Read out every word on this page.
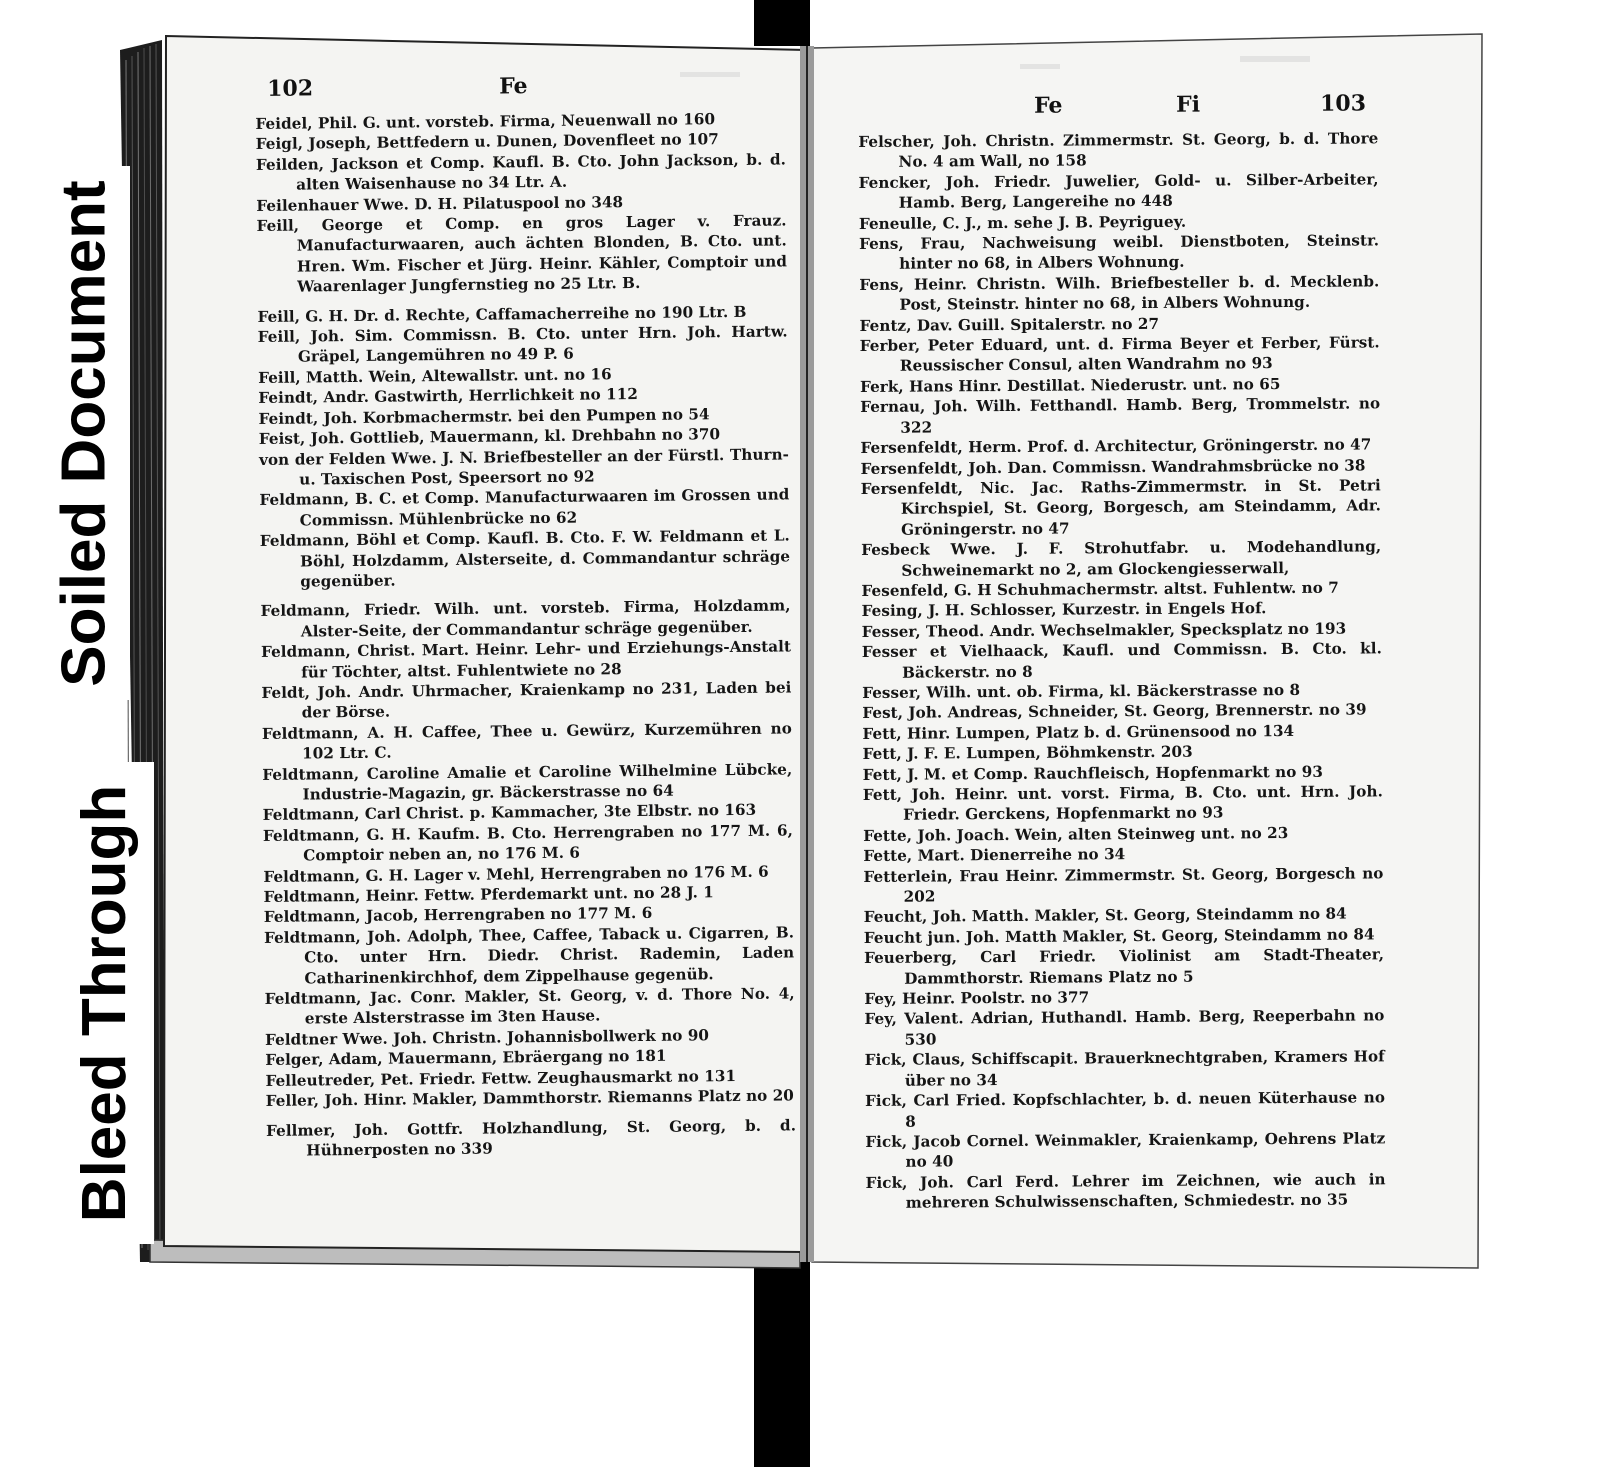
Soiled Document
Bleed Through
102	Fe
Feidel, Phil. G. unt. vorsteb. Firma, Neuenwall no 160
Feigl, Joseph, Bettfedern u. Dunen, Dovenfleet no 107
Feilden, Jackson et Comp. Kaufl. B. Cto. John Jackson, b. d. alten Waisenhause no 34 Ltr. A.
Feilenhauer Wwe. D. H. Pilatuspool no 348
Feill, George et Comp. en gros Lager v. Frauz. Manufacturwaaren, auch ächten Blonden, B. Cto. unt. Hren. Wm. Fischer et Jürg. Heinr. Kähler, Comptoir und Waarenlager Jungfernstieg no 25 Ltr. B.
Feill, G. H. Dr. d. Rechte, Caffamacherreihe no 190 Ltr. B
Feill, Joh. Sim. Commissn. B. Cto. unter Hrn. Joh. Hartw. Gräpel, Langemühren no 49 P. 6
Feill, Matth. Wein, Altewallstr. unt. no 16
Feindt, Andr. Gastwirth, Herrlichkeit no 112
Feindt, Joh. Korbmachermstr. bei den Pumpen no 54
Feist, Joh. Gottlieb, Mauermann, kl. Drehbahn no 370
von der Felden Wwe. J. N. Briefbesteller an der Fürstl. Thurn- u. Taxischen Post, Speersort no 92
Feldmann, B. C. et Comp. Manufacturwaaren im Grossen und Commissn. Mühlenbrücke no 62
Feldmann, Böhl et Comp. Kaufl. B. Cto. F. W. Feldmann et L. Böhl, Holzdamm, Alsterseite, d. Commandantur schräge gegenüber.
Feldmann, Friedr. Wilh. unt. vorsteb. Firma, Holzdamm, Alster-Seite, der Commandantur schräge gegenüber.
Feldmann, Christ. Mart. Heinr. Lehr- und Erziehungs-Anstalt für Töchter, altst. Fuhlentwiete no 28
Feldt, Joh. Andr. Uhrmacher, Kraienkamp no 231, Laden bei der Börse.
Feldtmann, A. H. Caffee, Thee u. Gewürz, Kurzemühren no 102 Ltr. C.
Feldtmann, Caroline Amalie et Caroline Wilhelmine Lübcke, Industrie-Magazin, gr. Bäckerstrasse no 64
Feldtmann, Carl Christ. p. Kammacher, 3te Elbstr. no 163
Feldtmann, G. H. Kaufm. B. Cto. Herrengraben no 177 M. 6, Comptoir neben an, no 176 M. 6
Feldtmann, G. H. Lager v. Mehl, Herrengraben no 176 M. 6
Feldtmann, Heinr. Fettw. Pferdemarkt unt. no 28 J. 1
Feldtmann, Jacob, Herrengraben no 177 M. 6
Feldtmann, Joh. Adolph, Thee, Caffee, Taback u. Cigarren, B. Cto. unter Hrn. Diedr. Christ. Rademin, Laden Catharinenkirchhof, dem Zippelhause gegenüb.
Feldtmann, Jac. Conr. Makler, St. Georg, v. d. Thore No. 4, erste Alsterstrasse im 3ten Hause.
Feldtner Wwe. Joh. Christn. Johannisbollwerk no 90
Felger, Adam, Mauermann, Ebräergang no 181
Felleutreder, Pet. Friedr. Fettw. Zeughausmarkt no 131
Feller, Joh. Hinr. Makler, Dammthorstr. Riemanns Platz no 20
Fellmer, Joh. Gottfr. Holzhandlung, St. Georg, b. d. Hühnerposten no 339
Fe	Fi	103
Felscher, Joh. Christn. Zimmermstr. St. Georg, b. d. Thore No. 4 am Wall, no 158
Fencker, Joh. Friedr. Juwelier, Gold- u. Silber-Arbeiter, Hamb. Berg, Langereihe no 448
Feneulle, C. J., m. sehe J. B. Peyriguey.
Fens, Frau, Nachweisung weibl. Dienstboten, Steinstr. hinter no 68, in Albers Wohnung.
Fens, Heinr. Christn. Wilh. Briefbesteller b. d. Mecklenb. Post, Steinstr. hinter no 68, in Albers Wohnung.
Fentz, Dav. Guill. Spitalerstr. no 27
Ferber, Peter Eduard, unt. d. Firma Beyer et Ferber, Fürst. Reussischer Consul, alten Wandrahm no 93
Ferk, Hans Hinr. Destillat. Niederustr. unt. no 65
Fernau, Joh. Wilh. Fetthandl. Hamb. Berg, Trommelstr. no 322
Fersenfeldt, Herm. Prof. d. Architectur, Gröningerstr. no 47
Fersenfeldt, Joh. Dan. Commissn. Wandrahmsbrücke no 38
Fersenfeldt, Nic. Jac. Raths-Zimmermstr. in St. Petri Kirchspiel, St. Georg, Borgesch, am Steindamm, Adr. Gröningerstr. no 47
Fesbeck Wwe. J. F. Strohutfabr. u. Modehandlung, Schweinemarkt no 2, am Glockengiesserwall,
Fesenfeld, G. H Schuhmachermstr. altst. Fuhlentw. no 7
Fesing, J. H. Schlosser, Kurzestr. in Engels Hof.
Fesser, Theod. Andr. Wechselmakler, Specksplatz no 193
Fesser et Vielhaack, Kaufl. und Commissn. B. Cto. kl. Bäckerstr. no 8
Fesser, Wilh. unt. ob. Firma, kl. Bäckerstrasse no 8
Fest, Joh. Andreas, Schneider, St. Georg, Brennerstr. no 39
Fett, Hinr. Lumpen, Platz b. d. Grünensood no 134
Fett, J. F. E. Lumpen, Böhmkenstr. 203
Fett, J. M. et Comp. Rauchfleisch, Hopfenmarkt no 93
Fett, Joh. Heinr. unt. vorst. Firma, B. Cto. unt. Hrn. Joh. Friedr. Gerckens, Hopfenmarkt no 93
Fette, Joh. Joach. Wein, alten Steinweg unt. no 23
Fette, Mart. Dienerreihe no 34
Fetterlein, Frau Heinr. Zimmermstr. St. Georg, Borgesch no 202
Feucht, Joh. Matth. Makler, St. Georg, Steindamm no 84
Feucht jun. Joh. Matth Makler, St. Georg, Steindamm no 84
Feuerberg, Carl Friedr. Violinist am Stadt-Theater, Dammthorstr. Riemans Platz no 5
Fey, Heinr. Poolstr. no 377
Fey, Valent. Adrian, Huthandl. Hamb. Berg, Reeperbahn no 530
Fick, Claus, Schiffscapit. Brauerknechtgraben, Kramers Hof über no 34
Fick, Carl Fried. Kopfschlachter, b. d. neuen Küterhause no 8
Fick, Jacob Cornel. Weinmakler, Kraienkamp, Oehrens Platz no 40
Fick, Joh. Carl Ferd. Lehrer im Zeichnen, wie auch in mehreren Schulwissenschaften, Schmiedestr. no 35
